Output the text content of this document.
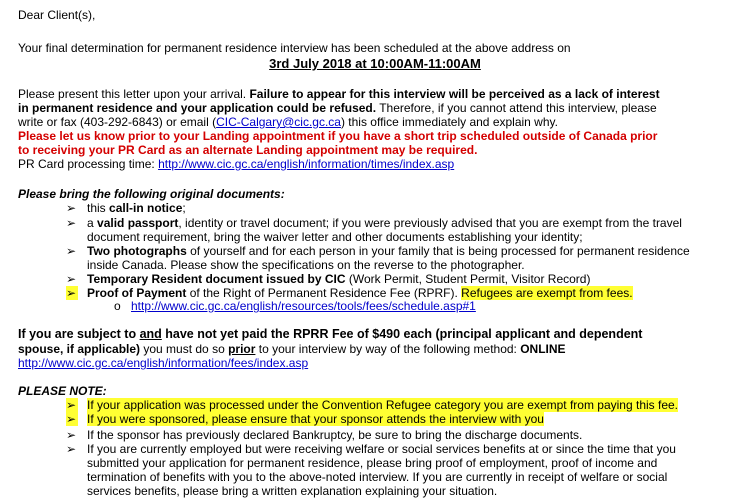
Dear Client(s),
Your final determination for permanent residence interview has been scheduled at the above address on
3rd July 2018 at 10:00AM-11:00AM
Please present this letter upon your arrival. Failure to appear for this interview will be perceived as a lack of interest
in permanent residence and your application could be refused. Therefore, if you cannot attend this interview, please
write or fax (403-292-6843) or email (CIC-Calgary@cic.gc.ca) this office immediately and explain why.
Please let us know prior to your Landing appointment if you have a short trip scheduled outside of Canada prior
to receiving your PR Card as an alternate Landing appointment may be required.
PR Card processing time: http://www.cic.gc.ca/english/information/times/index.asp
Please bring the following original documents:
➢ this call-in notice;
➢ a valid passport, identity or travel document; if you were previously advised that you are exempt from the travel
document requirement, bring the waiver letter and other documents establishing your identity;
➢ Two photographs of yourself and for each person in your family that is being processed for permanent residence
inside Canada. Please show the specifications on the reverse to the photographer.
➢ Temporary Resident document issued by CIC (Work Permit, Student Permit, Visitor Record)
➢ Proof of Payment of the Right of Permanent Residence Fee (RPRF). Refugees are exempt from fees.
o http://www.cic.gc.ca/english/resources/tools/fees/schedule.asp#1
If you are subject to and have not yet paid the RPRR Fee of $490 each (principal applicant and dependent
spouse, if applicable) you must do so prior to your interview by way of the following method: ONLINE
http://www.cic.gc.ca/english/information/fees/index.asp
PLEASE NOTE:
➢ If your application was processed under the Convention Refugee category you are exempt from paying this fee.
➢ If you were sponsored, please ensure that your sponsor attends the interview with you
➢ If the sponsor has previously declared Bankruptcy, be sure to bring the discharge documents.
➢ If you are currently employed but were receiving welfare or social services benefits at or since the time that you
submitted your application for permanent residence, please bring proof of employment, proof of income and
termination of benefits with you to the above-noted interview. If you are currently in receipt of welfare or social
services benefits, please bring a written explanation explaining your situation.
